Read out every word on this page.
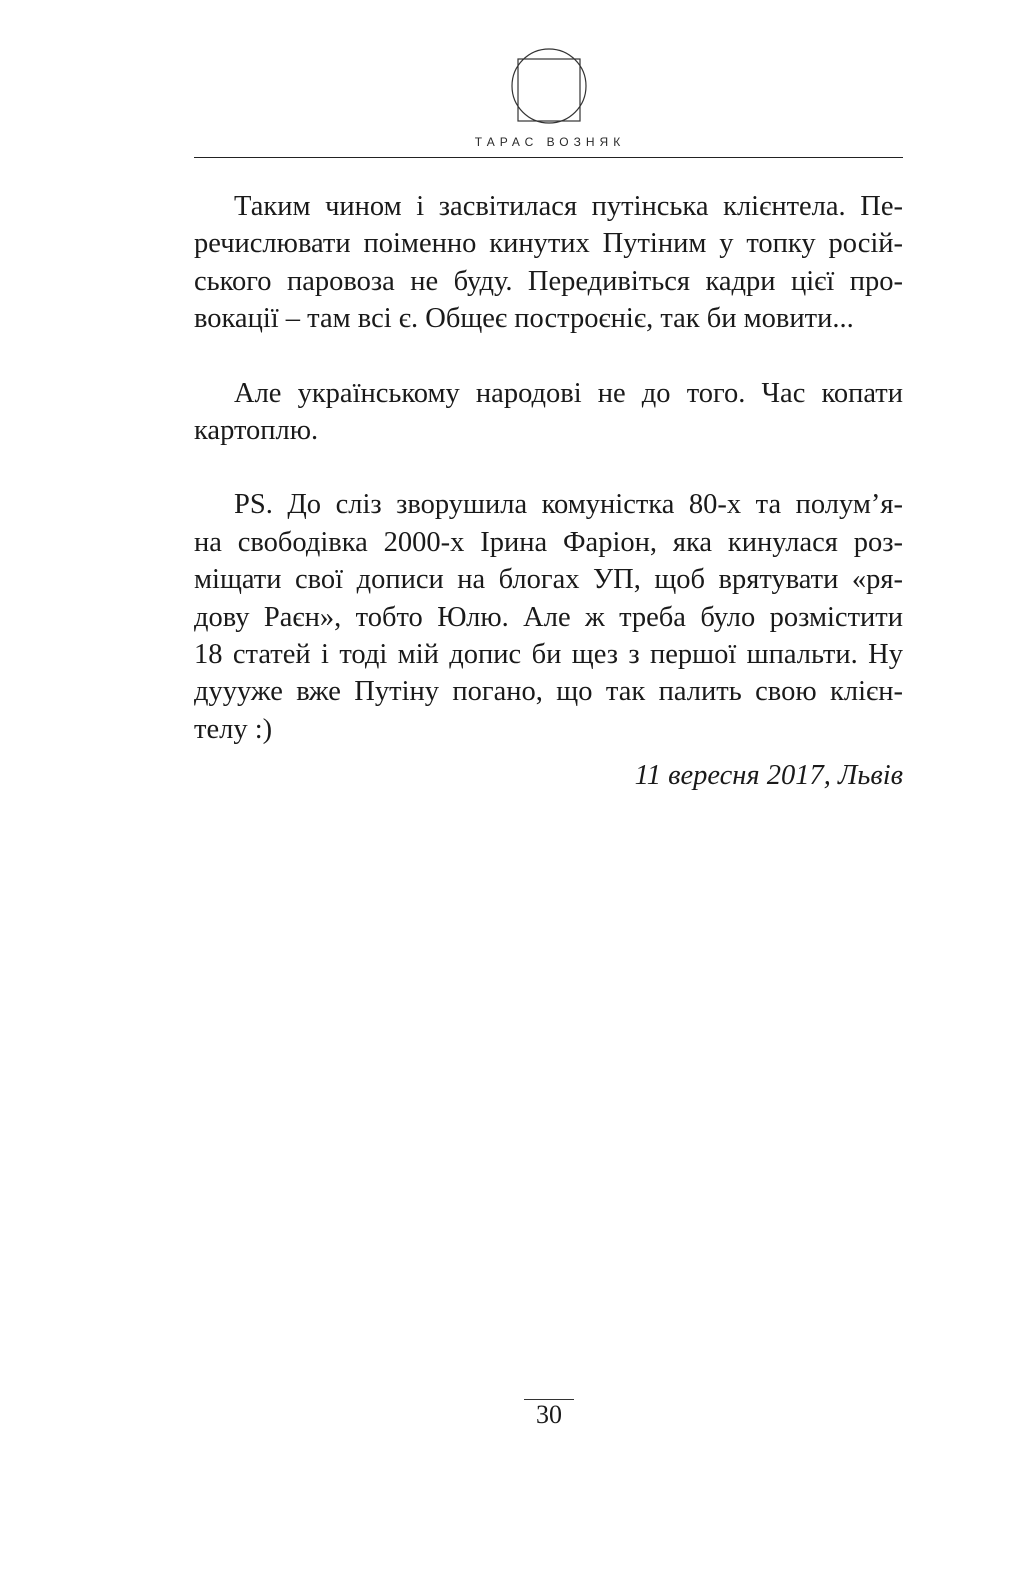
ТАРАС ВОЗНЯК
Таким чином і засвітилася путінська клієнтела. Пе-
речислювати поіменно кинутих Путіним у топку росій-
ського паровоза не буду. Передивіться кадри цієї про-
вокації – там всі є. Общеє построєніє, так би мовити...
Але українському народові не до того. Час копати
картоплю.
PS. До сліз зворушила комуністка 80-х та полум’я-
на свободівка 2000-х Ірина Фаріон, яка кинулася роз-
міщати свої дописи на блогах УП, щоб врятувати «ря-
дову Раєн», тобто Юлю. Але ж треба було розмістити
18 статей і тоді мій допис би щез з першої шпальти. Ну
дуууже вже Путіну погано, що так палить свою клієн-
телу :)
11 вересня 2017, Львів
30
